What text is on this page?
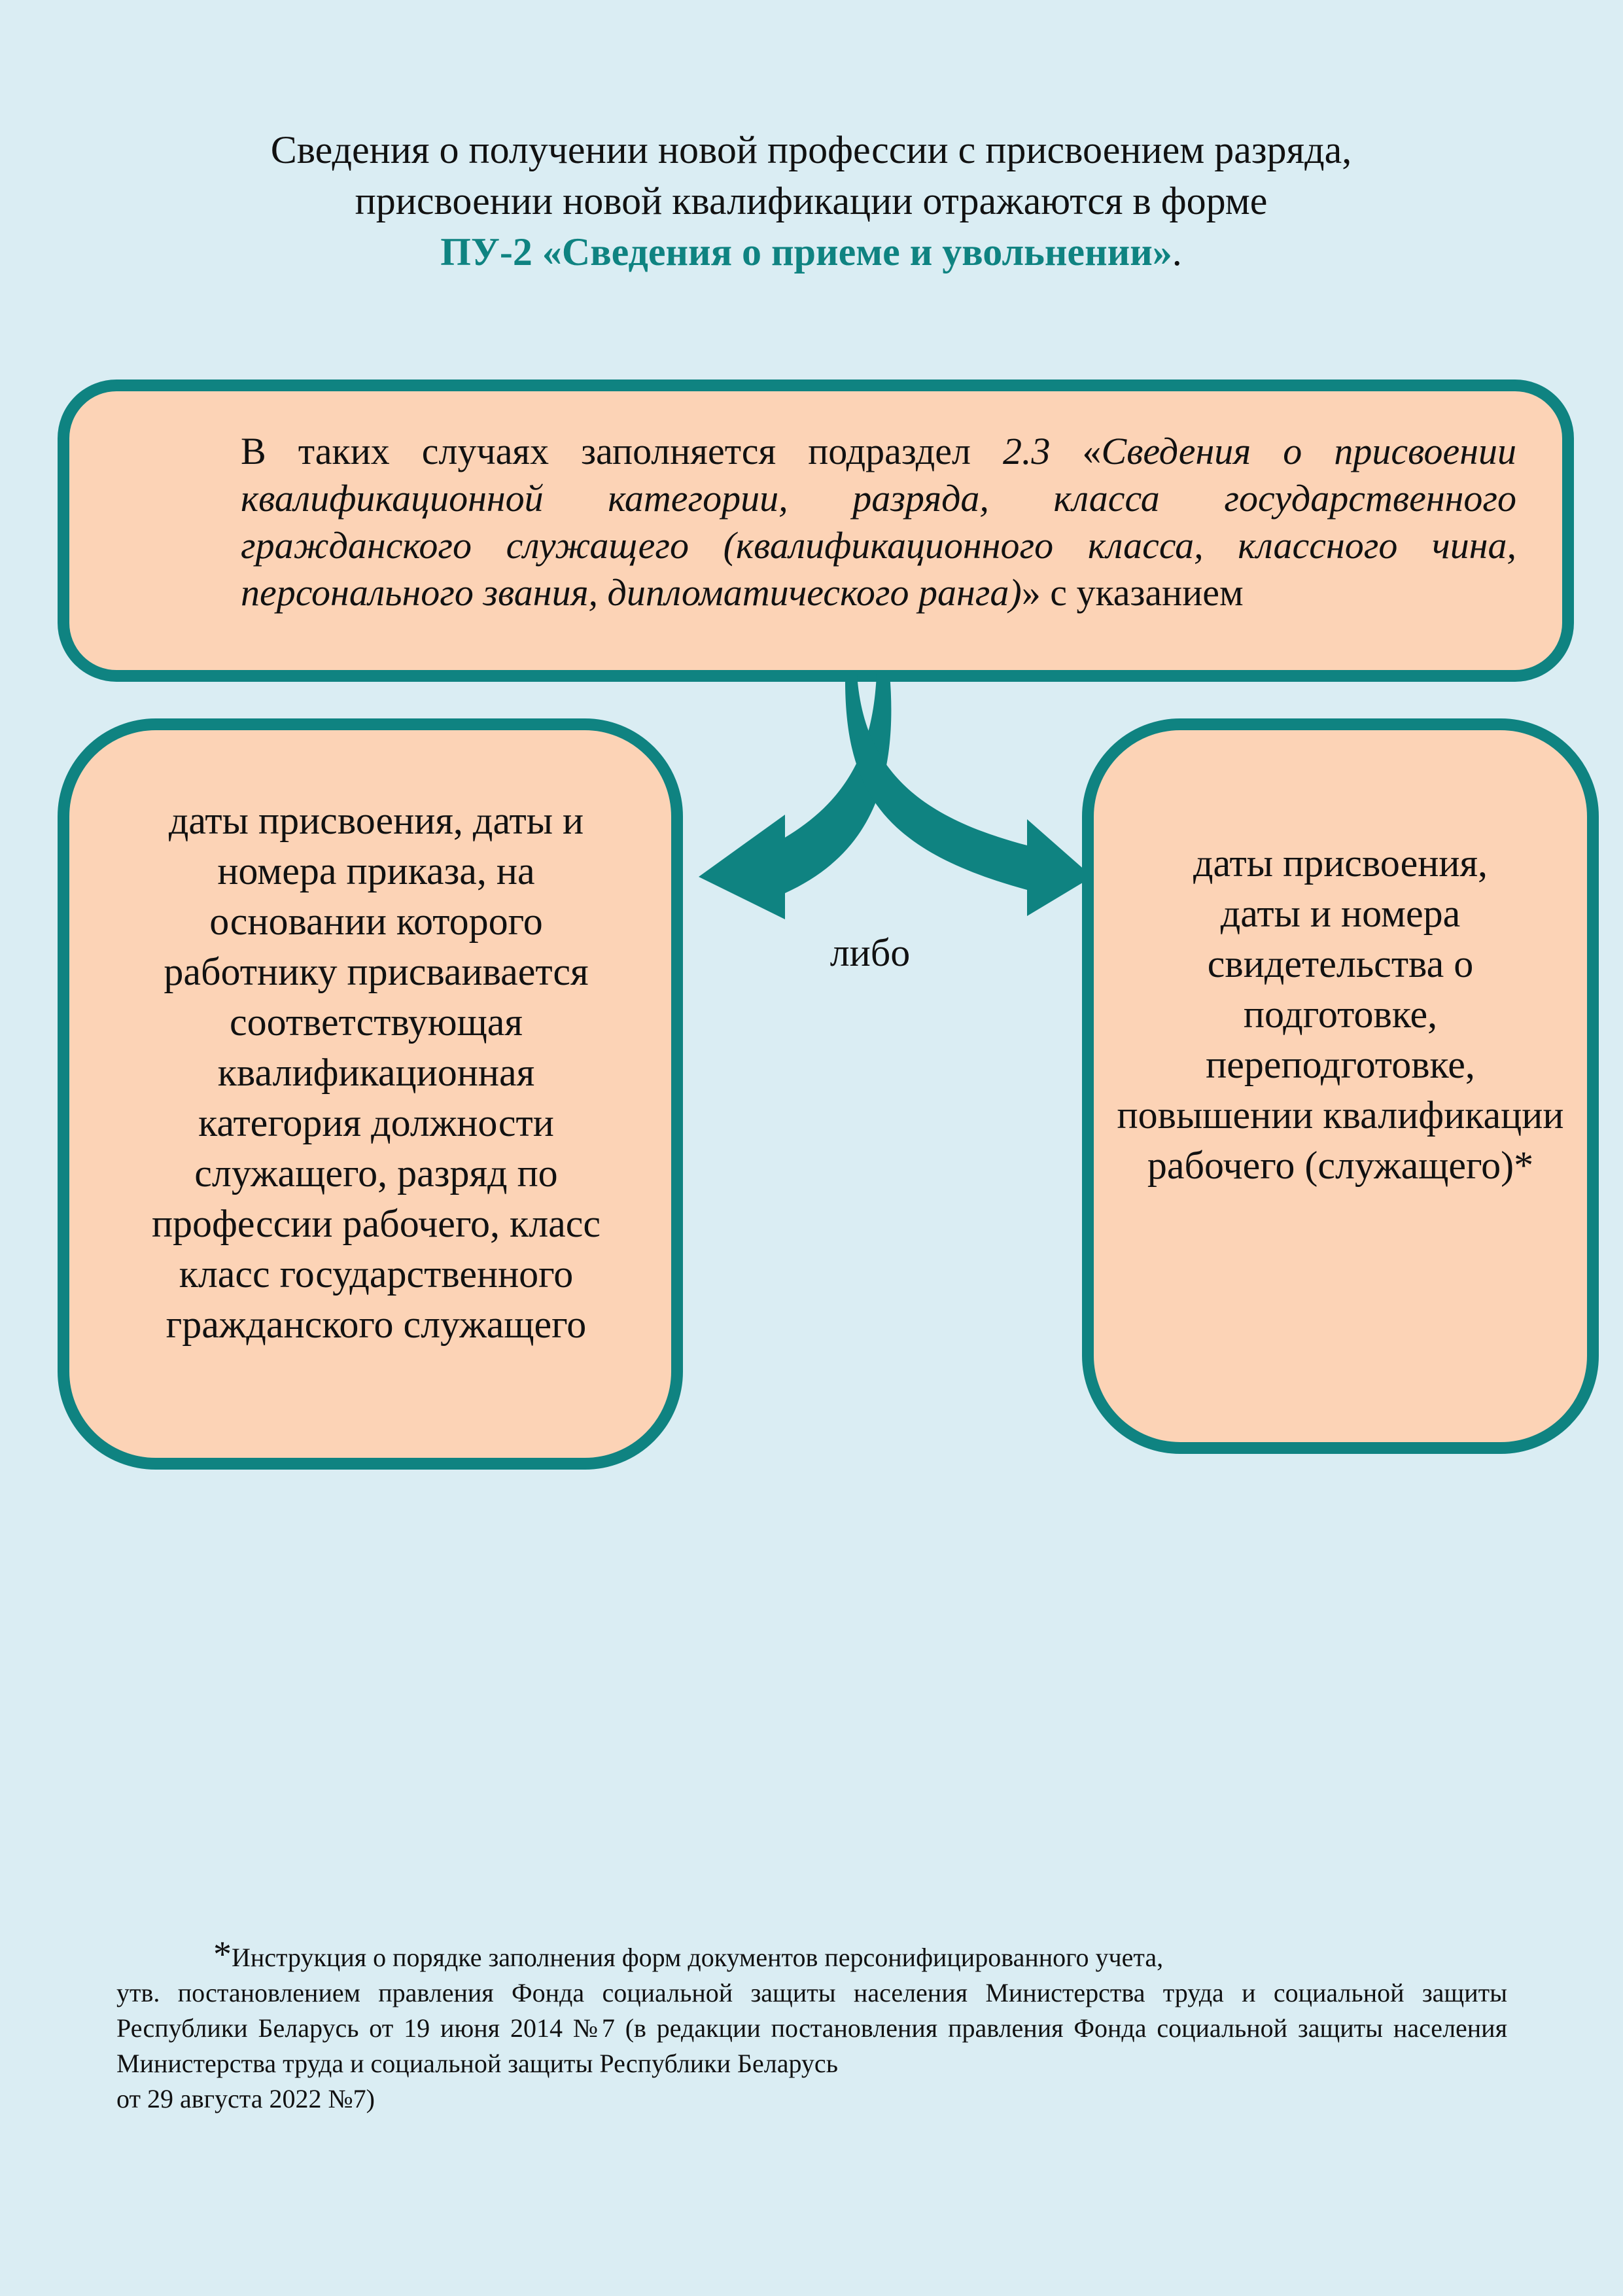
Сведения о получении новой профессии с присвоением разряда,
присвоении новой квалификации отражаются в форме
ПУ-2 «Сведения о приеме и увольнении».
В таких случаях заполняется подраздел 2.3 «Сведения о присвоении квалификационной категории, разряда, класса государственного гражданского служащего (квалификационного класса, классного чина, персонального звания, дипломатического ранга)» с указанием
даты присвоения, даты и
номера приказа, на
основании которого
работнику присваивается
соответствующая
квалификационная
категория должности
служащего, разряд по
профессии рабочего, класс
класс государственного
гражданского служащего
либо
даты присвоения,
даты и номера
свидетельства о
подготовке,
переподготовке,
повышении квалификации
рабочего (служащего)*
*Инструкция о порядке заполнения форм документов персонифицированного учета,
утв. постановлением правления Фонда социальной защиты населения Министерства труда и социальной защиты Республики Беларусь от 19 июня 2014 №7 (в редакции постановления правления Фонда социальной защиты населения Министерства труда и социальной защиты Республики Беларусь
от 29 августа 2022 №7)
